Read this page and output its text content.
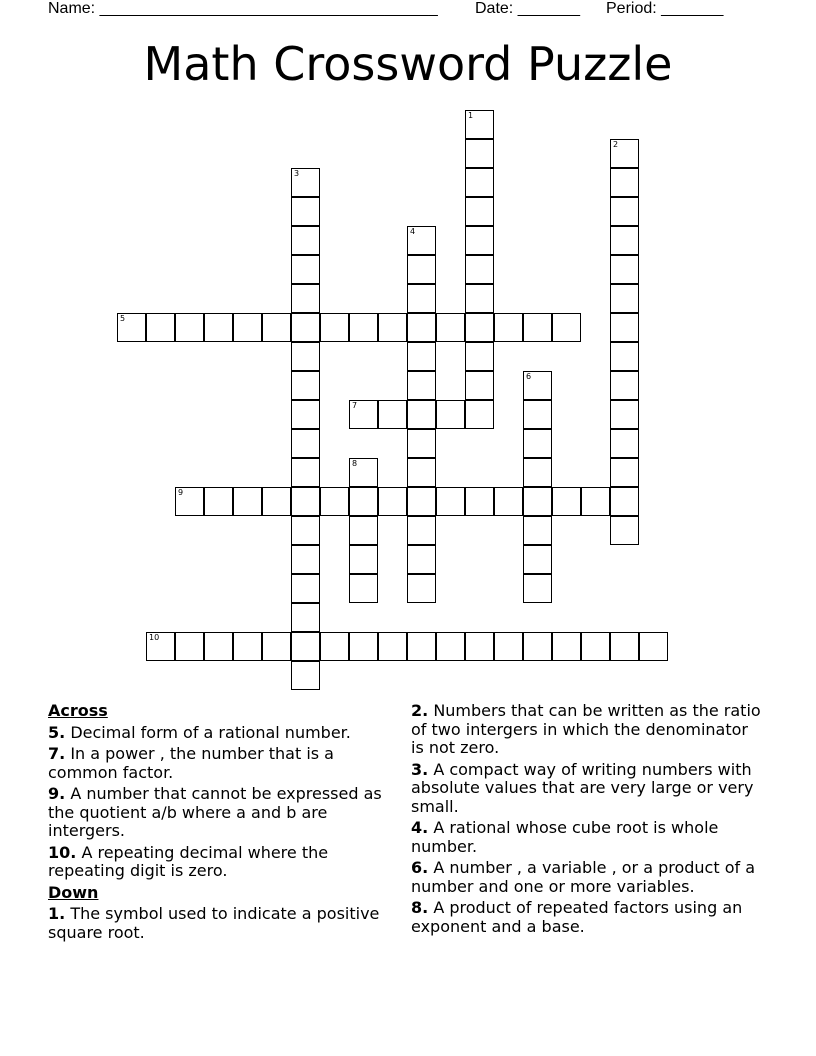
Name: ______________________________________

Date: _______

Period: _______

Math Crossword Puzzle
1
2
3
4
5
6
7
8
9
10
Across
5. Decimal form of a rational number.
7. In a power , the number that is a common factor.
9. A number that cannot be expressed as the quotient a/b where a and b are intergers.
10. A repeating decimal where the repeating digit is zero.
Down
1. The symbol used to indicate a positive square root.
2. Numbers that can be written as the ratio of two intergers in which the denominator is not zero.
3. A compact way of writing numbers with absolute values that are very large or very small.
4. A rational whose cube root is whole number.
6. A number , a variable , or a product of a number and one or more variables.
8. A product of repeated factors using an exponent and a base.
